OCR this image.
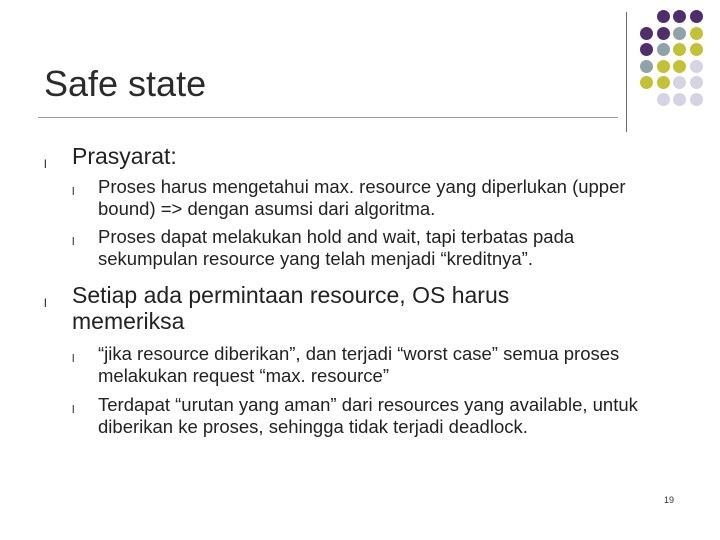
Safe state
l Prasyarat:
l Proses harus mengetahui max. resource yang diperlukan (upper bound) => dengan asumsi dari algoritma.
l Proses dapat melakukan hold and wait, tapi terbatas pada sekumpulan resource yang telah menjadi “kreditnya”.
l Setiap ada permintaan resource, OS harus memeriksa
l “jika resource diberikan”, dan terjadi “worst case” semua proses melakukan request “max. resource”
l Terdapat “urutan yang aman” dari resources yang available, untuk diberikan ke proses, sehingga tidak terjadi deadlock.
19
